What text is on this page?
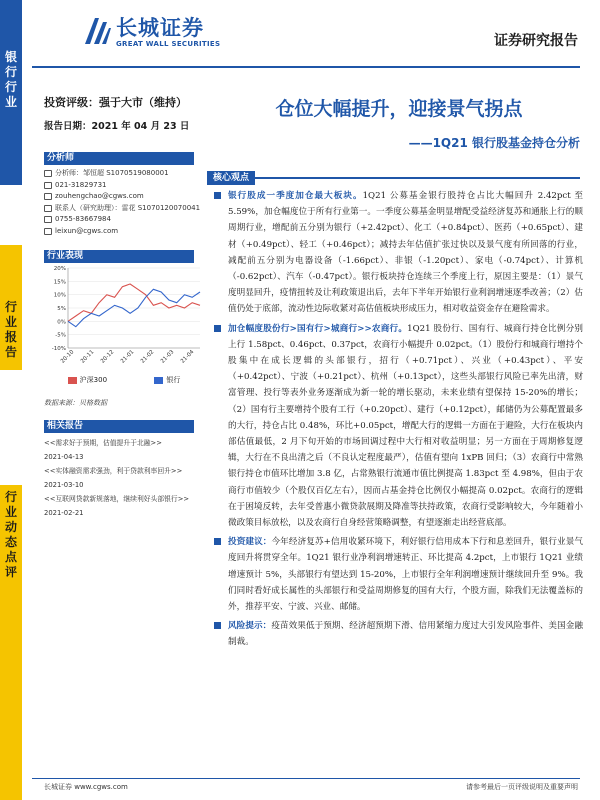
银行行业
行业报告
行业动态点评
长城证券
GREAT WALL SECURITIES	证券研究报告
投资评级：强于大市（维持）
报告日期：2021 年 04 月 23 日
分析师
分析师：邹恒超 S1070519080001
021-31829731
zouhengchao@cgws.com
联系人（研究助理）：雷花 S1070120070041
0755-83667984
leixun@cgws.com
行业表现
20%
15%
10%
5%
0%
-5%
-10%
20-10 20-11 20-12 21-01 21-02 21-03 21-04
沪深300	银行
数据来源：贝格数据
相关报告
<<需求好于预期，估值提升于北融>>
2021-04-13
<<实体融资需求强劲，利于贷款利率回升>>
2021-03-10
<<互联网贷款新规落地，继续利好头部银行>>
2021-02-21
仓位大幅提升，迎接景气拐点
——1Q21 银行股基金持仓分析
核心观点
银行股成一季度加仓最大板块。1Q21 公募基金银行股持仓占比大幅回升 2.42pct 至 5.59%，加仓幅度位于所有行业第一。一季度公募基金明显增配受益经济复苏和通胀上行的顺周期行业，增配前五分别为银行（+2.42pct）、化工（+0.84pct）、医药（+0.65pct）、建材（+0.49pct）、轻工（+0.46pct）；减持去年估值扩张过快以及景气度有所回落的行业，减配前五分别为电器设备（-1.66pct）、非银（-1.20pct）、家电（-0.74pct）、计算机（-0.62pct）、汽车（-0.47pct）。银行板块持仓连续三个季度上行，原因主要是：（1）景气度明显回升，疫情扭转及让利政策退出后，去年下半年开始银行业利润增速逐季改善；（2）估值仍处于底部，流动性边际收紧对高估值板块形成压力，相对收益资金存在避险需求。
加仓幅度股份行>国有行>城商行>>农商行。1Q21 股份行、国有行、城商行持仓比例分别上行 1.58pct、0.46pct、0.37pct，农商行小幅提升 0.02pct。（1）股份行和城商行增持个股集中在成长逻辑的头部银行，招行（+0.71pct）、兴业（+0.43pct）、平安（+0.42pct）、宁波（+0.21pct）、杭州（+0.13pct），这些头部银行风险已率先出清，财富管理、投行等表外业务逐渐成为新一轮的增长驱动，未来业绩有望保持 15-20%的增长；（2）国有行主要增持个股有工行（+0.20pct）、建行（+0.12pct），邮储仍为公募配置最多的大行，持仓占比 0.48%，环比+0.05pct，增配大行的逻辑一方面在于避险，大行在板块内部估值最低，2 月下旬开始的市场回调过程中大行相对收益明显；另一方面在于周期修复逻辑，大行在不良出清之后（不良认定程度最严），估值有望向 1xPB 回归；（3）农商行中常熟银行持仓市值环比增加 3.8 亿，占常熟银行流通市值比例提高 1.83pct 至 4.98%，但由于农商行市值较少（个股仅百亿左右），因而占基金持仓比例仅小幅提高 0.02pct。农商行的逻辑在于困境反转，去年受普惠小微贷款展期及降准等扶持政策，农商行受影响较大，今年随着小微政策目标放松，以及农商行自身经营策略调整，有望逐渐走出经营底部。
投资建议：今年经济复苏+信用收紧环境下，利好银行信用成本下行和息差回升，银行业景气度回升将贯穿全年。1Q21 银行业净利润增速转正、环比提高 4.2pct，上市银行 1Q21 业绩增速预计 5%，头部银行有望达到 15-20%，上市银行全年利润增速预计继续回升至 9%。我们同时看好成长属性的头部银行和受益周期修复的国有大行，个股方面，除我们无法覆盖标的外，推荐平安、宁波、兴业、邮储。
风险提示：疫苗效果低于预期、经济超预期下滑、信用紧缩力度过大引发风险事件、美国金融制裁。
长城证券 www.cgws.com	请参考最后一页评级说明及重要声明
